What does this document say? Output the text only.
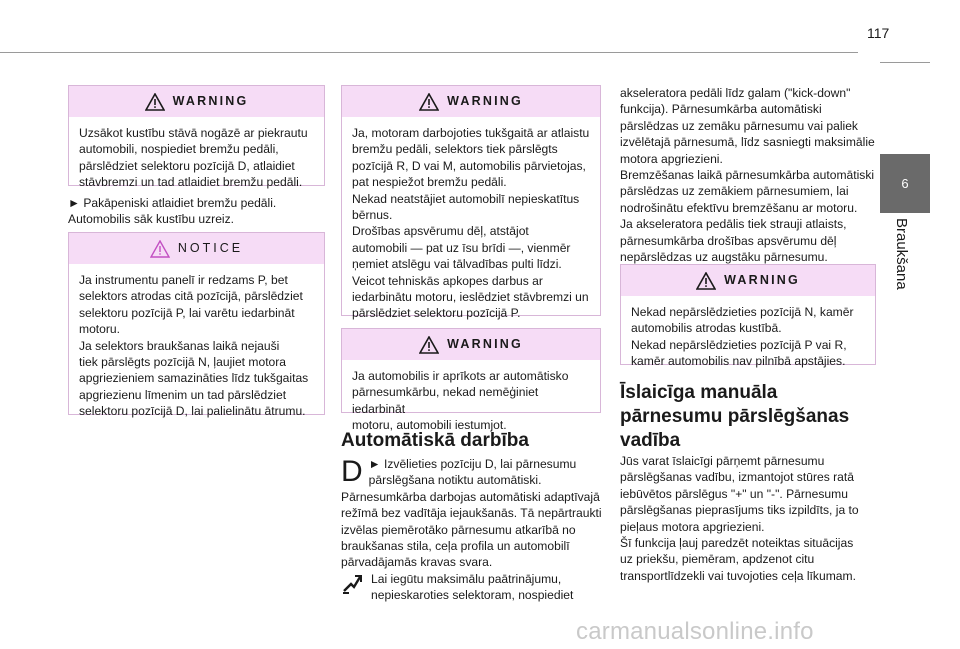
117
6
Braukšana
WARNING
Uzsākot kustību stāvā nogāzē ar piekrautu
automobili, nospiediet bremžu pedāli,
pārslēdziet selektoru pozīcijā D, atlaidiet
stāvbremzi un tad atlaidiet bremžu pedāli.
► Pakāpeniski atlaidiet bremžu pedāli.
Automobilis sāk kustību uzreiz.
NOTICE
Ja instrumentu panelī ir redzams P, bet
selektors atrodas citā pozīcijā, pārslēdziet
selektoru pozīcijā P, lai varētu iedarbināt
motoru.
Ja selektors braukšanas laikā nejauši
tiek pārslēgts pozīcijā N, ļaujiet motora
apgriezieniem samazināties līdz tukšgaitas
apgriezienu līmenim un tad pārslēdziet
selektoru pozīcijā D, lai palielinātu ātrumu.
WARNING
Ja, motoram darbojoties tukšgaitā ar atlaistu
bremžu pedāli, selektors tiek pārslēgts
pozīcijā R, D vai M, automobilis pārvietojas,
pat nespiežot bremžu pedāli.
Nekad neatstājiet automobilī nepieskatītus
bērnus.
Drošības apsvērumu dēļ, atstājot
automobili — pat uz īsu brīdi —, vienmēr
ņemiet atslēgu vai tālvadības pulti līdzi.
Veicot tehniskās apkopes darbus ar
iedarbinātu motoru, ieslēdziet stāvbremzi un
pārslēdziet selektoru pozīcijā P.
WARNING
Ja automobilis ir aprīkots ar automātisko
pārnesumkārbu, nekad nemēģiniet iedarbināt
motoru, automobili iestumjot.
Automātiskā darbība
D ► Izvēlieties pozīciju D, lai pārnesumu
pārslēgšana notiktu automātiski.
Pārnesumkārba darbojas automātiski adaptīvajā
režīmā bez vadītāja iejaukšanās. Tā nepārtraukti
izvēlas piemērotāko pārnesumu atkarībā no
braukšanas stila, ceļa profila un automobilī
pārvadājamās kravas svara.
Lai iegūtu maksimālu paātrinājumu,
nepieskaroties selektoram, nospiediet
akseleratora pedāli līdz galam ("kick-down"
funkcija). Pārnesumkārba automātiski
pārslēdzas uz zemāku pārnesumu vai paliek
izvēlētajā pārnesumā, līdz sasniegti maksimālie
motora apgriezieni.
Bremzēšanas laikā pārnesumkārba automātiski
pārslēdzas uz zemākiem pārnesumiem, lai
nodrošinātu efektīvu bremzēšanu ar motoru.
Ja akseleratora pedālis tiek strauji atlaists,
pārnesumkārba drošības apsvērumu dēļ
nepārslēdzas uz augstāku pārnesumu.
WARNING
Nekad nepārslēdzieties pozīcijā N, kamēr
automobilis atrodas kustībā.
Nekad nepārslēdzieties pozīcijā P vai R,
kamēr automobilis nav pilnībā apstājies.
Īslaicīga manuāla
pārnesumu pārslēgšanas
vadība
Jūs varat īslaicīgi pārņemt pārnesumu
pārslēgšanas vadību, izmantojot stūres ratā
iebūvētos pārslēgus "+" un "-". Pārnesumu
pārslēgšanas pieprasījums tiks izpildīts, ja to
pieļaus motora apgriezieni.
Šī funkcija ļauj paredzēt noteiktas situācijas
uz priekšu, piemēram, apdzenot citu
transportlīdzekli vai tuvojoties ceļa līkumam.
carmanualsonline.info
